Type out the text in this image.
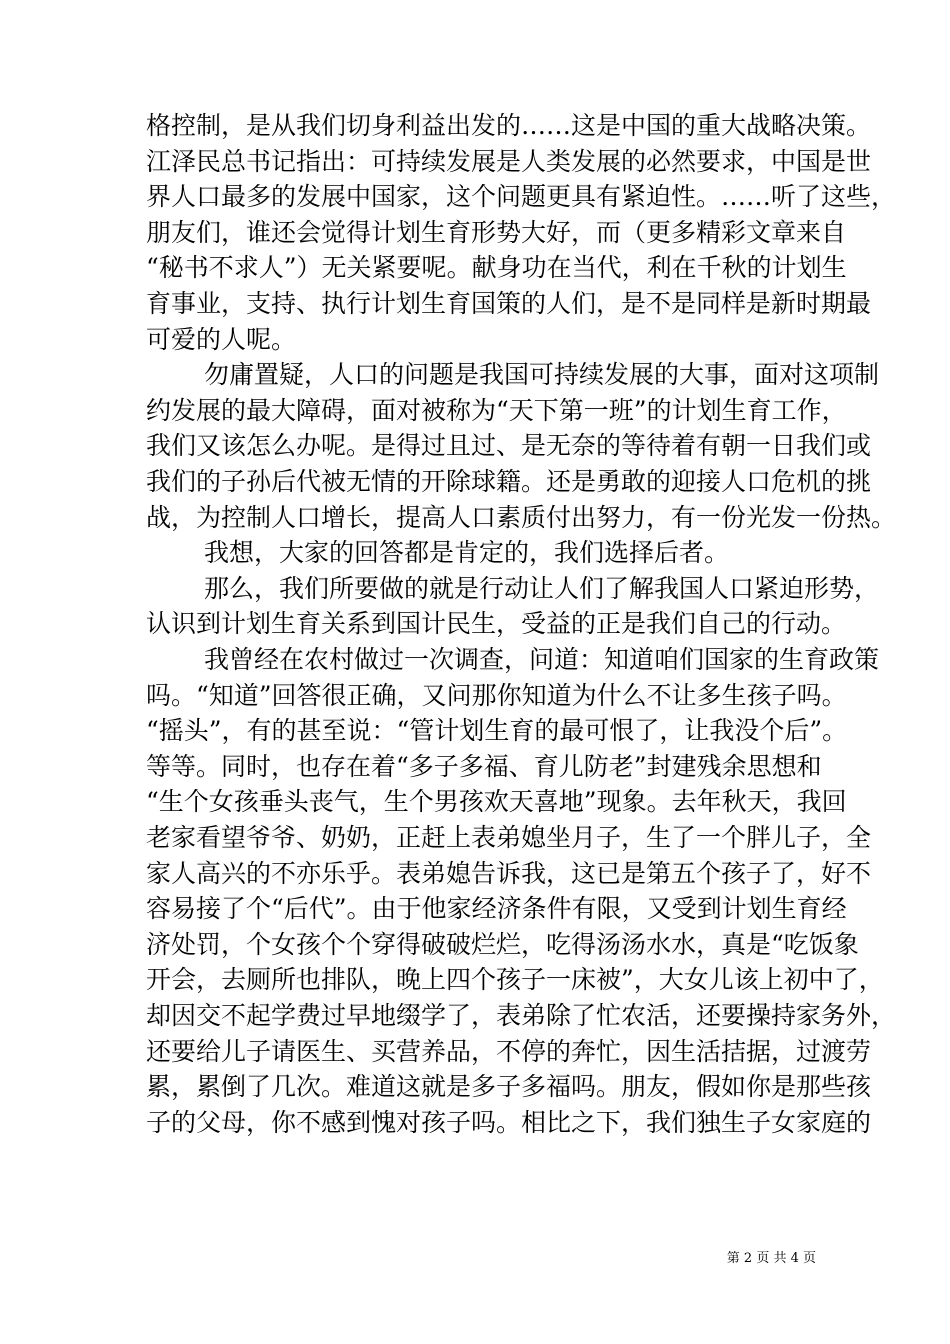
格控制，是从我们切身利益出发的……这是中国的重大战略决策。
江泽民总书记指出：可持续发展是人类发展的必然要求，中国是世
界人口最多的发展中国家，这个问题更具有紧迫性。……听了这些，
朋友们，谁还会觉得计划生育形势大好，而（更多精彩文章来自
“秘书不求人”）无关紧要呢。献身功在当代，利在千秋的计划生
育事业，支持、执行计划生育国策的人们，是不是同样是新时期最
可爱的人呢。
勿庸置疑，人口的问题是我国可持续发展的大事，面对这项制
约发展的最大障碍，面对被称为“天下第一班”的计划生育工作，
我们又该怎么办呢。是得过且过、是无奈的等待着有朝一日我们或
我们的子孙后代被无情的开除球籍。还是勇敢的迎接人口危机的挑
战，为控制人口增长，提高人口素质付出努力，有一份光发一份热。
我想，大家的回答都是肯定的，我们选择后者。
那么，我们所要做的就是行动让人们了解我国人口紧迫形势，
认识到计划生育关系到国计民生，受益的正是我们自己的行动。
我曾经在农村做过一次调查，问道：知道咱们国家的生育政策
吗。“知道”回答很正确，又问那你知道为什么不让多生孩子吗。
“摇头”，有的甚至说：“管计划生育的最可恨了，让我没个后”。
等等。同时，也存在着“多子多福、育儿防老”封建残余思想和
“生个女孩垂头丧气，生个男孩欢天喜地”现象。去年秋天，我回
老家看望爷爷、奶奶，正赶上表弟媳坐月子，生了一个胖儿子，全
家人高兴的不亦乐乎。表弟媳告诉我，这已是第五个孩子了，好不
容易接了个“后代”。由于他家经济条件有限，又受到计划生育经
济处罚，个女孩个个穿得破破烂烂，吃得汤汤水水，真是“吃饭象
开会，去厕所也排队，晚上四个孩子一床被”，大女儿该上初中了，
却因交不起学费过早地缀学了，表弟除了忙农活，还要操持家务外，
还要给儿子请医生、买营养品，不停的奔忙，因生活拮据，过渡劳
累，累倒了几次。难道这就是多子多福吗。朋友，假如你是那些孩
子的父母，你不感到愧对孩子吗。相比之下，我们独生子女家庭的
第 2 页 共 4 页
